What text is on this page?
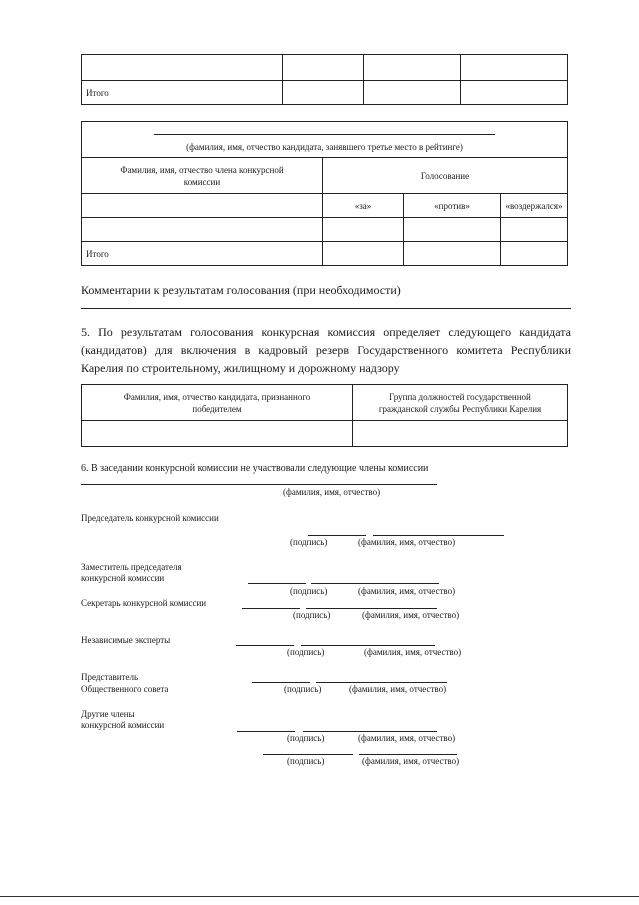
Итого			
(фамилия, имя, отчество кандидата, занявшего третье место в рейтинге)			

Фамилия, имя, отчество члена конкурсной комиссии	Голосование		
	«за»	«против»	«воздержался»

Итого			
Комментарии к результатам голосования (при необходимости)
5. По результатам голосования конкурсная комиссия определяет следующего кандидата (кандидатов) для включения в кадровый резерв Государственного комитета Республики Карелия по строительному, жилищному и дорожному надзору
Фамилия, имя, отчество кандидата, признанного победителем	Группа должностей государственной гражданской службы Республики Карелия

6. В заседании конкурсной комиссии не участвовали следующие члены комиссии
(фамилия, имя, отчество)
Председатель конкурсной комиссии
(подпись)	(фамилия, имя, отчество)
Заместитель председателя
конкурсной комиссии
(подпись)	(фамилия, имя, отчество)
Секретарь конкурсной комиссии
(подпись)	(фамилия, имя, отчество)
Независимые эксперты
(подпись)	(фамилия, имя, отчество)
Представитель
Общественного совета	(подпись)	(фамилия, имя, отчество)
Другие члены
конкурсной комиссии
(подпись)	(фамилия, имя, отчество)
(подпись)	(фамилия, имя, отчество)
